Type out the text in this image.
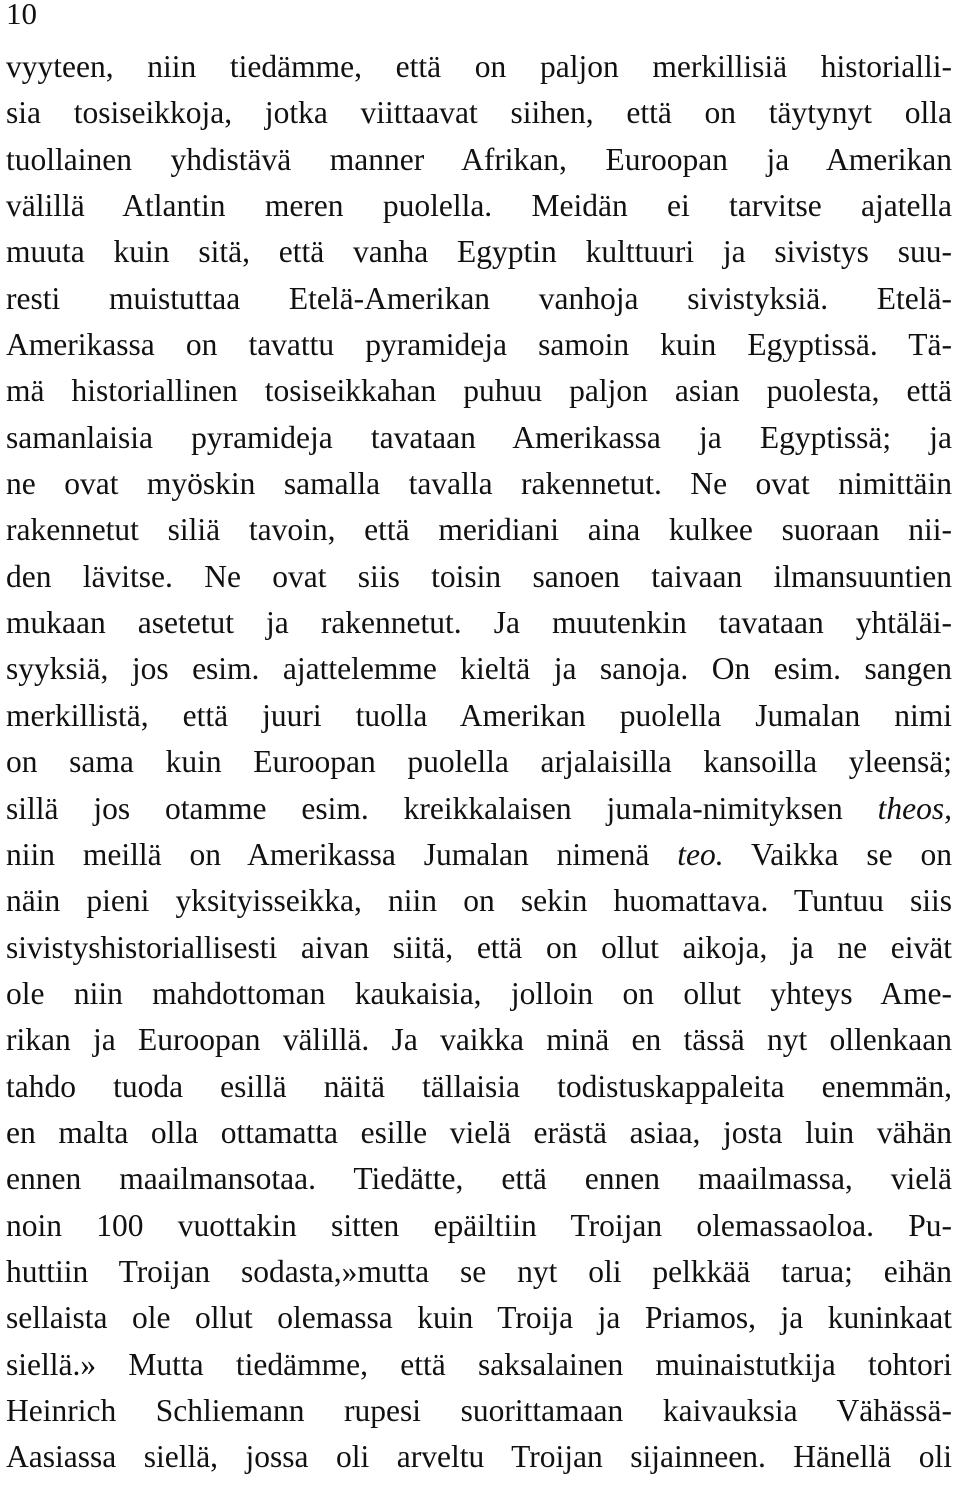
10
vyyteen, niin tiedämme, että on paljon merkillisiä historialli-
sia tosiseikkoja, jotka viittaavat siihen, että on täytynyt olla
tuollainen yhdistävä manner Afrikan, Euroopan ja Amerikan
välillä Atlantin meren puolella. Meidän ei tarvitse ajatella
muuta kuin sitä, että vanha Egyptin kulttuuri ja sivistys suu-
resti muistuttaa Etelä-Amerikan vanhoja sivistyksiä. Etelä-
Amerikassa on tavattu pyramideja samoin kuin Egyptissä. Tä-
mä historiallinen tosiseikkahan puhuu paljon asian puolesta, että
samanlaisia pyramideja tavataan Amerikassa ja Egyptissä; ja
ne ovat myöskin samalla tavalla rakennetut. Ne ovat nimittäin
rakennetut siliä tavoin, että meridiani aina kulkee suoraan nii-
den lävitse. Ne ovat siis toisin sanoen taivaan ilmansuuntien
mukaan asetetut ja rakennetut. Ja muutenkin tavataan yhtäläi-
syyksiä, jos esim. ajattelemme kieltä ja sanoja. On esim. sangen
merkillistä, että juuri tuolla Amerikan puolella Jumalan nimi
on sama kuin Euroopan puolella arjalaisilla kansoilla yleensä;
sillä jos otamme esim. kreikkalaisen jumala-nimityksen theos,
niin meillä on Amerikassa Jumalan nimenä teo. Vaikka se on
näin pieni yksityisseikka, niin on sekin huomattava. Tuntuu siis
sivistyshistoriallisesti aivan siitä, että on ollut aikoja, ja ne eivät
ole niin mahdottoman kaukaisia, jolloin on ollut yhteys Ame-
rikan ja Euroopan välillä. Ja vaikka minä en tässä nyt ollenkaan
tahdo tuoda esillä näitä tällaisia todistuskappaleita enemmän,
en malta olla ottamatta esille vielä erästä asiaa, josta luin vähän
ennen maailmansotaa. Tiedätte, että ennen maailmassa, vielä
noin 100 vuottakin sitten epäiltiin Troijan olemassaoloa. Pu-
huttiin Troijan sodasta,»mutta se nyt oli pelkkää tarua; eihän
sellaista ole ollut olemassa kuin Troija ja Priamos, ja kuninkaat
siellä.» Mutta tiedämme, että saksalainen muinaistutkija tohtori
Heinrich Schliemann rupesi suorittamaan kaivauksia Vähässä-
Aasiassa siellä, jossa oli arveltu Troijan sijainneen. Hänellä oli
